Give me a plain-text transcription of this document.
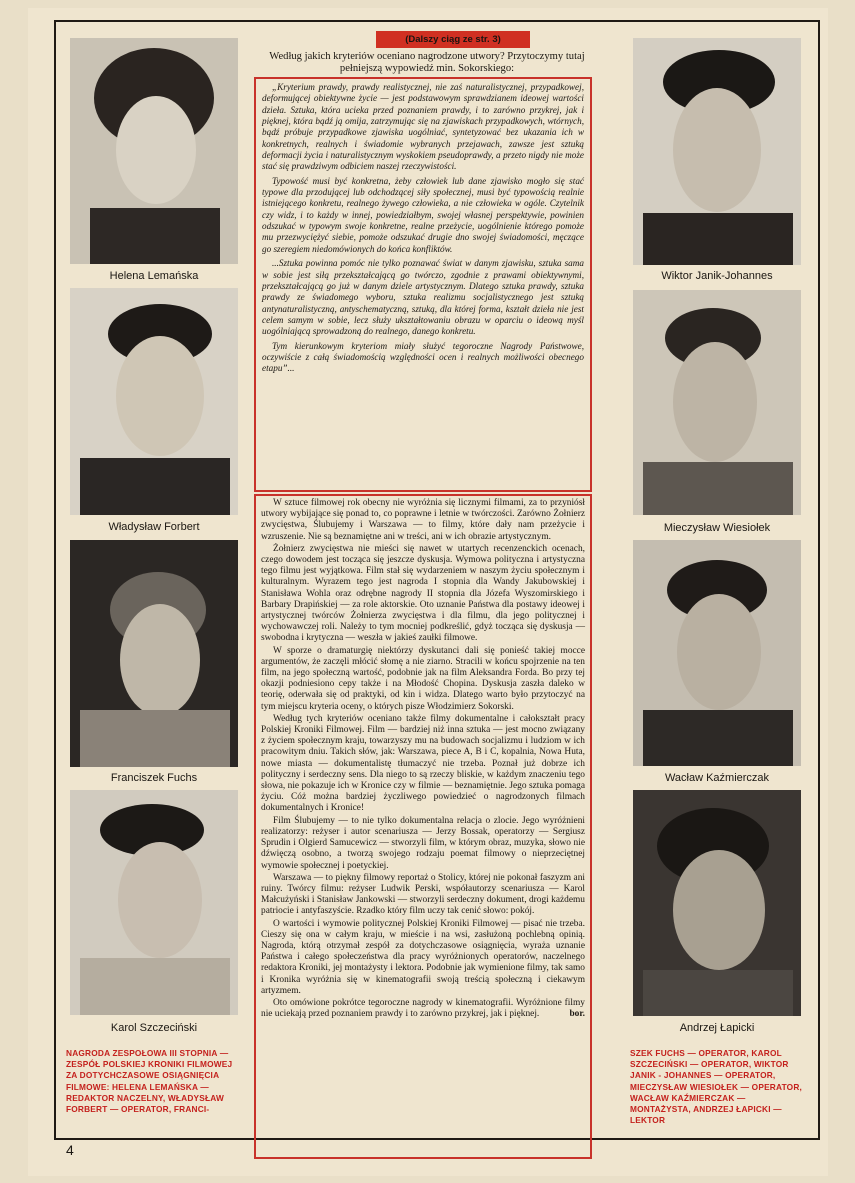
Helena Lemańska
Władysław Forbert
Franciszek Fuchs
Karol Szczeciński
NAGRODA ZESPOŁOWA III STOPNIA — ZESPÓŁ POLSKIEJ KRONIKI FILMOWEJ ZA DOTYCHCZASOWE OSIĄGNIĘCIA FILMOWE: HELENA LEMAŃSKA — REDAKTOR NACZELNY, WŁADYSŁAW FORBERT — OPERATOR, FRANCI-
Wiktor Janik-Johannes
Mieczysław Wiesiołek
Wacław Kaźmierczak
Andrzej Łapicki
SZEK FUCHS — OPERATOR, KAROL SZCZECIŃSKI — OPERATOR, WIKTOR JANIK - JOHANNES — OPERATOR, MIECZYSŁAW WIESIOŁEK — OPERATOR, WACŁAW KAŹMIERCZAK — MONTAŻYSTA, ANDRZEJ ŁAPICKI — LEKTOR
(Dalszy ciąg ze str. 3)
Według jakich kryteriów oceniano nagrodzone utwory? Przytoczymy tutaj pełniejszą wypowiedź min. Sokorskiego:

„Kryterium prawdy, prawdy realistycznej, nie zaś naturalistycznej, przypadkowej, deformującej obiektywne życie — jest podstawowym sprawdzianem ideowej wartości dzieła. Sztuka, która ucieka przed poznaniem prawdy, i to zarówno przykrej, jak i pięknej, która bądź ją omija, zatrzymując się na zjawiskach przypadkowych, wtórnych, bądź próbuje przypadkowe zjawiska uogólniać, syntetyzować bez ukazania ich w konkretnych, realnych i świadomie wybranych przejawach, zawsze jest sztuką deformacji życia i naturalistycznym wyskokiem pseudoprawdy, a przeto nigdy nie może stać się prawdziwym odbiciem naszej rzeczywistości.

Typowość musi być konkretna, żeby człowiek lub dane zjawisko mogło się stać typowe dla przodującej lub odchodzącej siły społecznej, musi być typowością realnie istniejącego konkretu, realnego żywego człowieka, a nie człowieka w ogóle. Czytelnik czy widz, i to każdy w innej, powiedziałbym, swojej własnej perspektywie, powinien odszukać w typowym swoje konkretne, realne przeżycie, uogólnienie którego pomoże mu przezwyciężyć siebie, pomoże odszukać drugie dno swojej świadomości, męczące go szeregiem niedomówionych do końca konfliktów.

...Sztuka powinna pomóc nie tylko poznawać świat w danym zjawisku, sztuka sama w sobie jest siłą przekształcającą go twórczo, zgodnie z prawami obiektywnymi, przekształcającą go już w danym dziele artystycznym. Dlatego sztuka prawdy, sztuka prawdy ze świadomego wyboru, sztuka realizmu socjalistycznego jest sztuką antynaturalistyczną, antyschematyczną, sztuką, dla której forma, kształt dzieła nie jest celem samym w sobie, lecz służy ukształtowaniu obrazu w oparciu o ideową myśl uogólniającą sprowadzoną do realnego, danego konkretu.

Tym kierunkowym kryteriom miały służyć tegoroczne Nagrody Państwowe, oczywiście z całą świadomością względności ocen i realnych możliwości obecnego etapu”...

W sztuce filmowej rok obecny nie wyróżnia się licznymi filmami, za to przyniósł utwory wybijające się ponad to, co poprawne i letnie w twórczości. Zarówno Żołnierz zwycięstwa, Ślubujemy i Warszawa — to filmy, które dały nam przeżycie i wzruszenie. Nie są beznamiętne ani w treści, ani w ich obrazie artystycznym.

Żołnierz zwycięstwa nie mieści się nawet w utartych recenzenckich ocenach, czego dowodem jest tocząca się jeszcze dyskusja. Wymowa polityczna i artystyczna tego filmu jest wyjątkowa. Film stał się wydarzeniem w naszym życiu społecznym i kulturalnym. Wyrazem tego jest nagroda I stopnia dla Wandy Jakubowskiej i Stanisława Wohla oraz odrębne nagrody II stopnia dla Józefa Wyszomirskiego i Barbary Drapińskiej — za role aktorskie. Oto uznanie Państwa dla postawy ideowej i artystycznej twórców Żołnierza zwycięstwa i dla filmu, dla jego politycznej i wychowawczej roli. Należy to tym mocniej podkreślić, gdyż tocząca się dyskusja — swobodna i krytyczna — weszła w jakieś zaułki filmowe.

W sporze o dramaturgię niektórzy dyskutanci dali się ponieść takiej mocce argumentów, że zaczęli młócić słomę a nie ziarno. Stracili w końcu spojrzenie na ten film, na jego społeczną wartość, podobnie jak na film Aleksandra Forda. Bo przy tej okazji podniesiono cepy także i na Młodość Chopina. Dyskusja zaszła daleko w teorię, oderwała się od praktyki, od kin i widza. Dlatego warto było przytoczyć na tym miejscu kryteria oceny, o których pisze Włodzimierz Sokorski.

Według tych kryteriów oceniano także filmy dokumentalne i całokształt pracy Polskiej Kroniki Filmowej. Film — bardziej niż inna sztuka — jest mocno związany z życiem społecznym kraju, towarzyszy mu na budowach socjalizmu i ludziom w ich pracowitym dniu. Takich słów, jak: Warszawa, piece A, B i C, kopalnia, Nowa Huta, nowe miasta — dokumentalistę tłumaczyć nie trzeba. Poznał już dobrze ich polityczny i serdeczny sens. Dla niego to są rzeczy bliskie, w każdym znaczeniu tego słowa, nie pokazuje ich w Kronice czy w filmie — beznamiętnie. Jego sztuka pomaga życiu. Cóż można bardziej życzliwego powiedzieć o nagrodzonych filmach dokumentalnych i Kronice!

Film Ślubujemy — to nie tylko dokumentalna relacja o zlocie. Jego wyróżnieni realizatorzy: reżyser i autor scenariusza — Jerzy Bossak, operatorzy — Sergiusz Sprudin i Olgierd Samucewicz — stworzyli film, w którym obraz, muzyka, słowo nie dźwięczą osobno, a tworzą swojego rodzaju poemat filmowy o nieprzeciętnej wymowie społecznej i poetyckiej.

Warszawa — to piękny filmowy reportaż o Stolicy, której nie pokonał faszyzm ani ruiny. Twórcy filmu: reżyser Ludwik Perski, współautorzy scenariusza — Karol Małcużyński i Stanisław Jankowski — stworzyli serdeczny dokument, drogi każdemu patriocie i antyfaszyście. Rzadko który film uczy tak cenić słowo: pokój.

O wartości i wymowie politycznej Polskiej Kroniki Filmowej — pisać nie trzeba. Cieszy się ona w całym kraju, w mieście i na wsi, zasłużoną pochlebną opinią. Nagroda, którą otrzymał zespół za dotychczasowe osiągnięcia, wyraża uznanie Państwa i całego społeczeństwa dla pracy wyróżnionych operatorów, naczelnego redaktora Kroniki, jej montażysty i lektora. Podobnie jak wymienione filmy, tak samo i Kronika wyróżnia się w kinematografii swoją treścią społeczną i ciekawym artyzmem.

Oto omówione pokrótce tegoroczne nagrody w kinematografii. Wyróżnione filmy nie uciekają przed poznaniem prawdy i to zarówno przykrej, jak i pięknej.	bor.

4
